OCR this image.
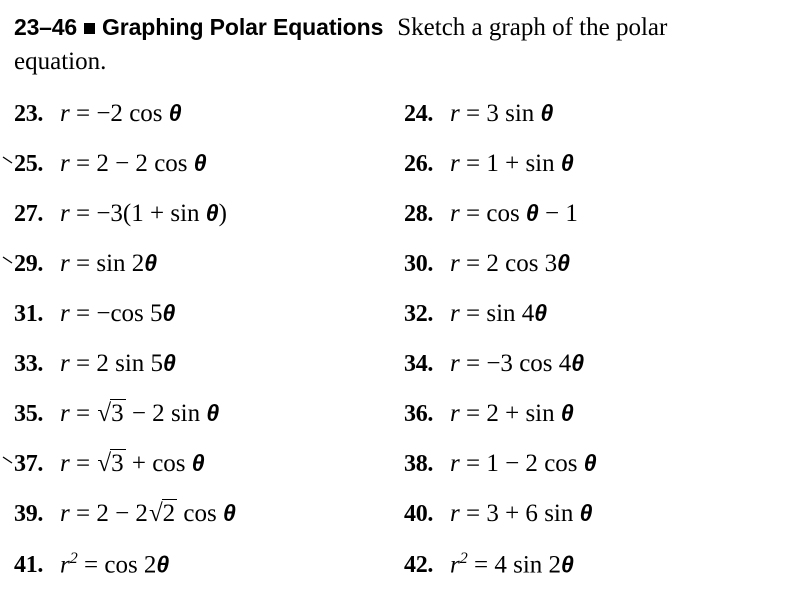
23–46 Graphing Polar Equations Sketch a graph of the polar
equation.
23. r = −2 cos θ	24. r = 3 sin θ
25. r = 2 − 2 cos θ	26. r = 1 + sin θ
27. r = −3(1 + sin θ)	28. r = cos θ − 1
29. r = sin 2θ	30. r = 2 cos 3θ
31. r = −cos 5θ	32. r = sin 4θ
33. r = 2 sin 5θ	34. r = −3 cos 4θ
35. r = √3 − 2 sin θ	36. r = 2 + sin θ
37. r = √3 + cos θ	38. r = 1 − 2 cos θ
39. r = 2 − 2√2 cos θ	40. r = 3 + 6 sin θ
41. $r^2 = \cos 2\theta$	42. $r^2 = 4$ sin 2θ
